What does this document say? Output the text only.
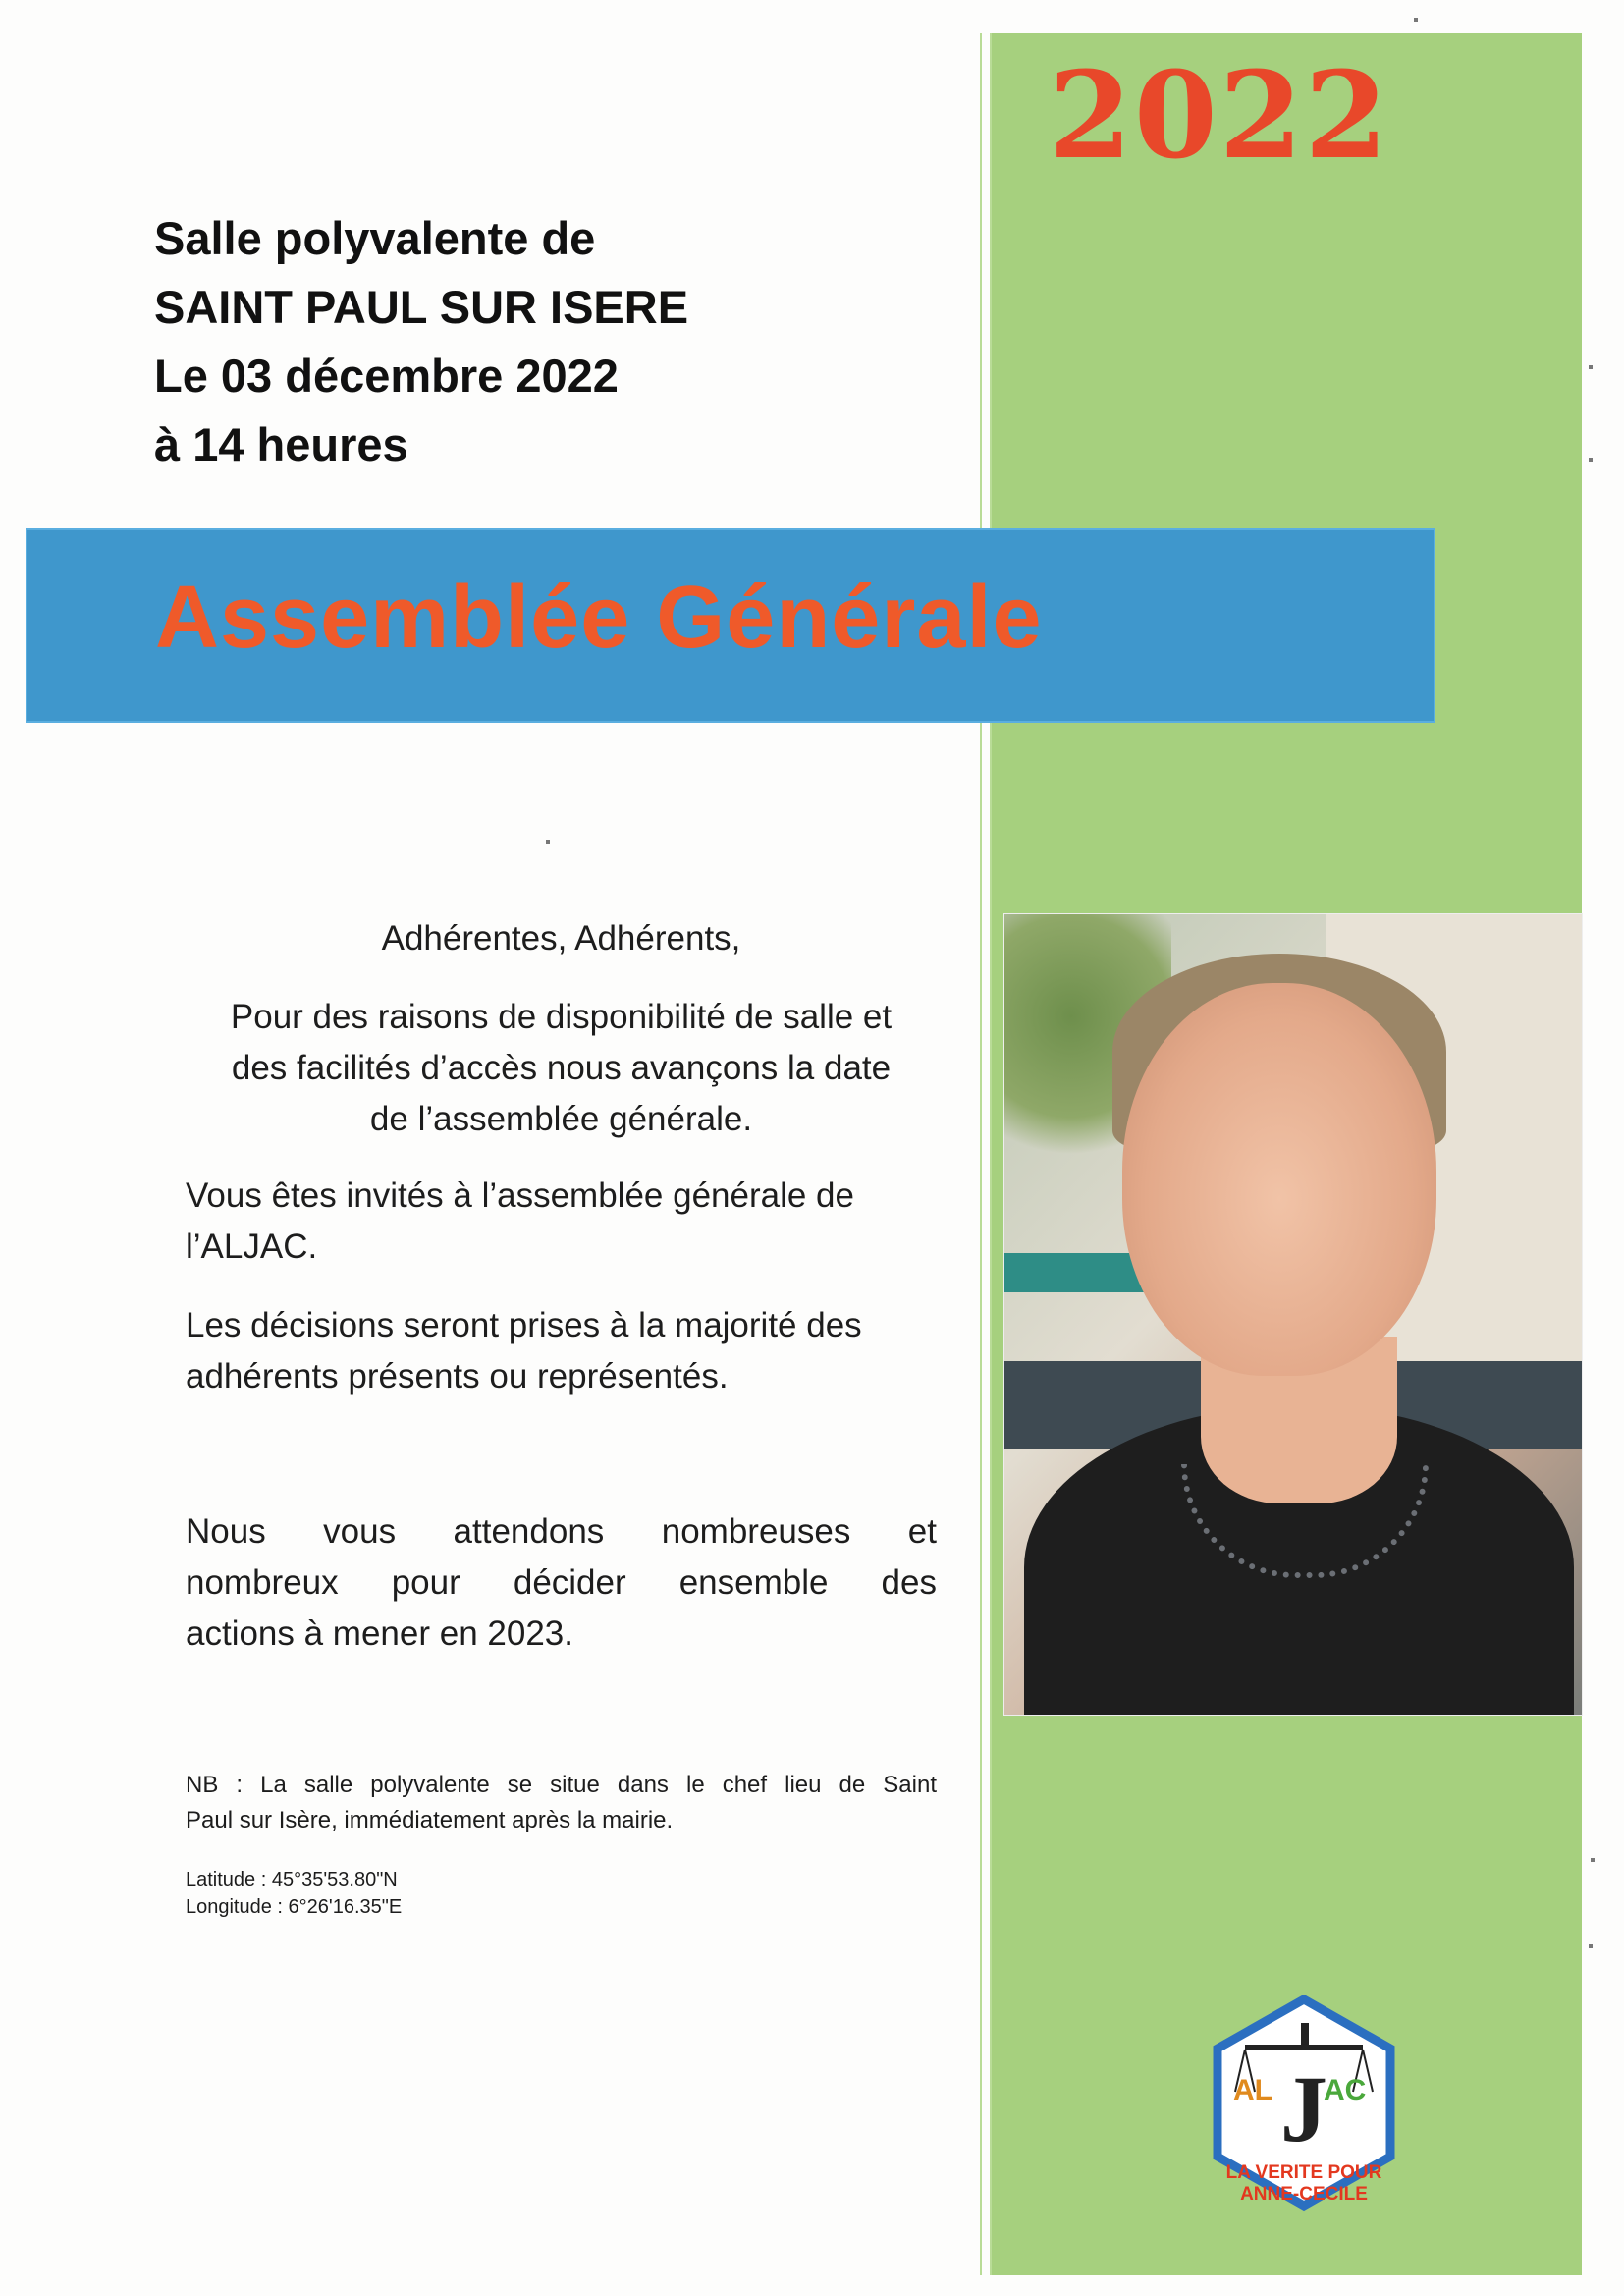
2022
Salle polyvalente de
SAINT PAUL SUR ISERE
Le 03 décembre 2022
à 14 heures
Assemblée Générale
Adhérentes, Adhérents,
Pour des raisons de disponibilité de salle et
des facilités d’accès nous avançons la date
de l’assemblée générale.
Vous êtes invités à l’assemblée générale de
l’ALJAC.
Les décisions seront prises à la majorité des
adhérents présents ou représentés.
Nous vous attendons nombreuses et
nombreux pour décider ensemble des
actions à mener en 2023.
NB : La salle polyvalente se situe dans le chef lieu de Saint
Paul sur Isère, immédiatement après la mairie.
Latitude : 45°35'53.80"N
Longitude : 6°26'16.35"E
J
AL AC
LA VERITE POUR
ANNE-CECILE
